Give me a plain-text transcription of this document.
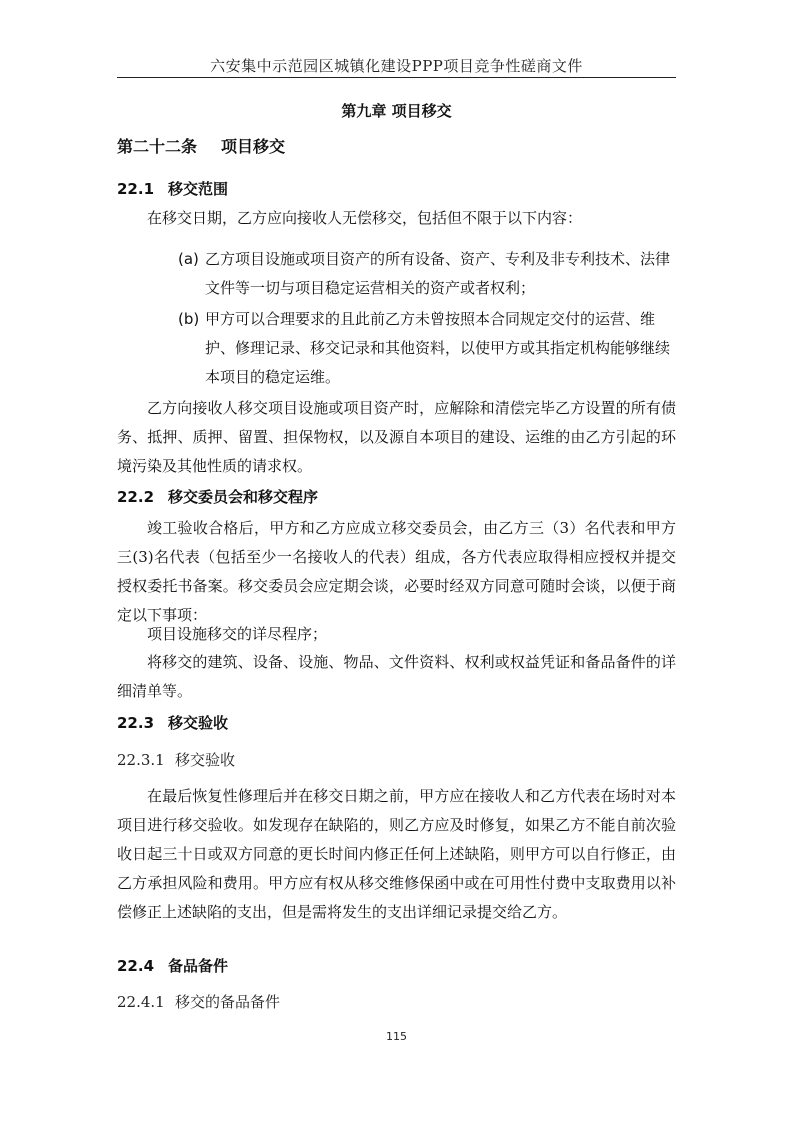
六安集中示范园区城镇化建设PPP项目竞争性磋商文件
第九章 项目移交
第二十二条 项目移交
22.1 移交范围
在移交日期，乙方应向接收人无偿移交，包括但不限于以下内容：
(a) 乙方项目设施或项目资产的所有设备、资产、专利及非专利技术、法律文件等一切与项目稳定运营相关的资产或者权利；
(b) 甲方可以合理要求的且此前乙方未曾按照本合同规定交付的运营、维护、修理记录、移交记录和其他资料，以使甲方或其指定机构能够继续本项目的稳定运维。
乙方向接收人移交项目设施或项目资产时，应解除和清偿完毕乙方设置的所有债务、抵押、质押、留置、担保物权，以及源自本项目的建设、运维的由乙方引起的环境污染及其他性质的请求权。
22.2 移交委员会和移交程序
竣工验收合格后，甲方和乙方应成立移交委员会，由乙方三（3）名代表和甲方三(3)名代表（包括至少一名接收人的代表）组成，各方代表应取得相应授权并提交授权委托书备案。移交委员会应定期会谈，必要时经双方同意可随时会谈，以便于商定以下事项：
项目设施移交的详尽程序；
将移交的建筑、设备、设施、物品、文件资料、权利或权益凭证和备品备件的详细清单等。
22.3 移交验收
22.3.1 移交验收
在最后恢复性修理后并在移交日期之前，甲方应在接收人和乙方代表在场时对本项目进行移交验收。如发现存在缺陷的，则乙方应及时修复，如果乙方不能自前次验收日起三十日或双方同意的更长时间内修正任何上述缺陷，则甲方可以自行修正，由乙方承担风险和费用。甲方应有权从移交维修保函中或在可用性付费中支取费用以补偿修正上述缺陷的支出，但是需将发生的支出详细记录提交给乙方。
22.4 备品备件
22.4.1 移交的备品备件
115
